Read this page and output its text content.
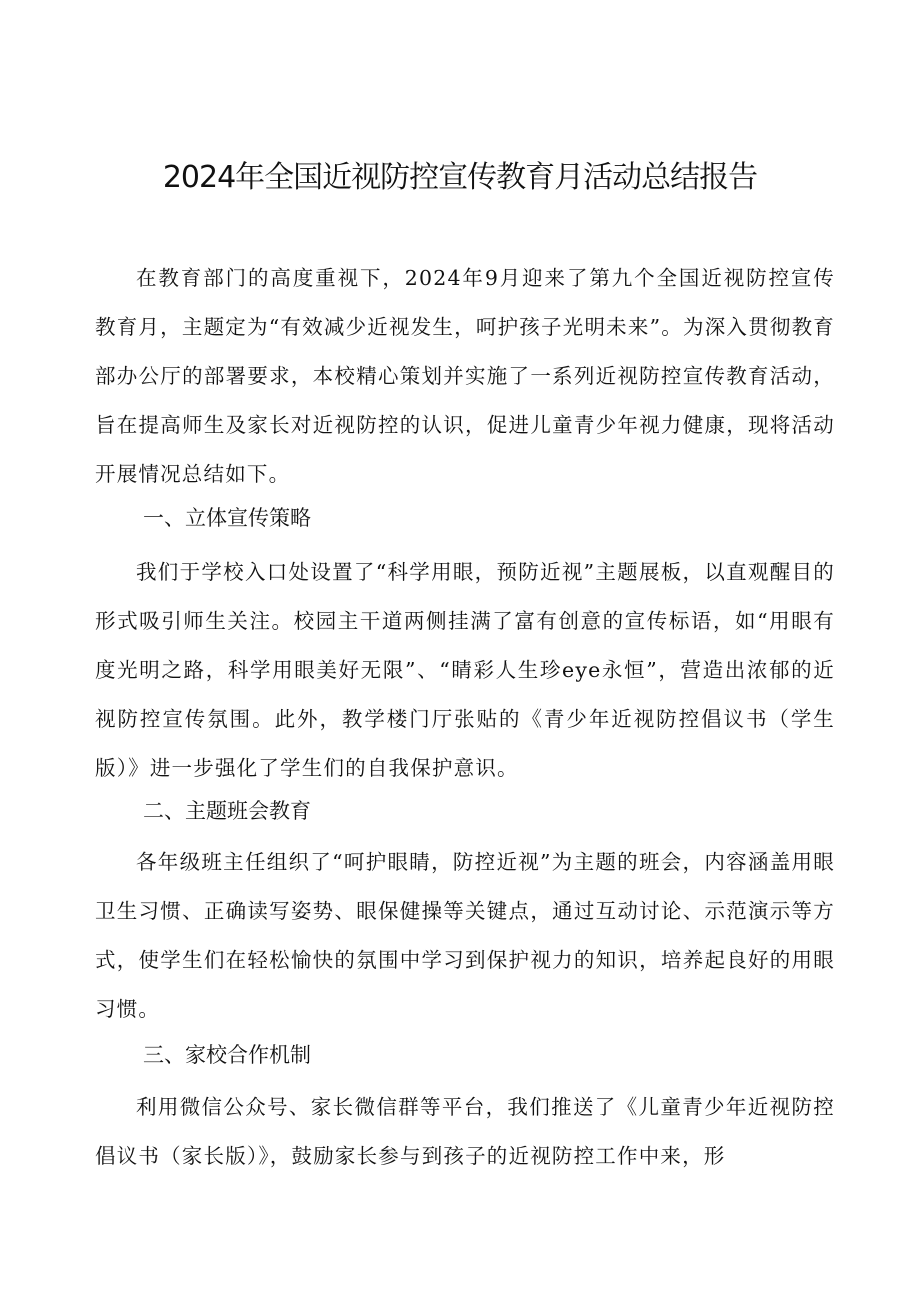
2024年全国近视防控宣传教育月活动总结报告

在教育部门的高度重视下，2024年9月迎来了第九个全国近视防控宣传教育月，主题定为“有效减少近视发生，呵护孩子光明未来”。为深入贯彻教育部办公厅的部署要求，本校精心策划并实施了一系列近视防控宣传教育活动，旨在提高师生及家长对近视防控的认识，促进儿童青少年视力健康，现将活动开展情况总结如下。

一、立体宣传策略

我们于学校入口处设置了“科学用眼，预防近视”主题展板，以直观醒目的形式吸引师生关注。校园主干道两侧挂满了富有创意的宣传标语，如“用眼有度光明之路，科学用眼美好无限”、“睛彩人生珍eye永恒”，营造出浓郁的近视防控宣传氛围。此外，教学楼门厅张贴的《青少年近视防控倡议书（学生版）》进一步强化了学生们的自我保护意识。

二、主题班会教育

各年级班主任组织了“呵护眼睛，防控近视”为主题的班会，内容涵盖用眼卫生习惯、正确读写姿势、眼保健操等关键点，通过互动讨论、示范演示等方式，使学生们在轻松愉快的氛围中学习到保护视力的知识，培养起良好的用眼习惯。

三、家校合作机制

利用微信公众号、家长微信群等平台，我们推送了《儿童青少年近视防控倡议书（家长版）》，鼓励家长参与到孩子的近视防控工作中来，形
